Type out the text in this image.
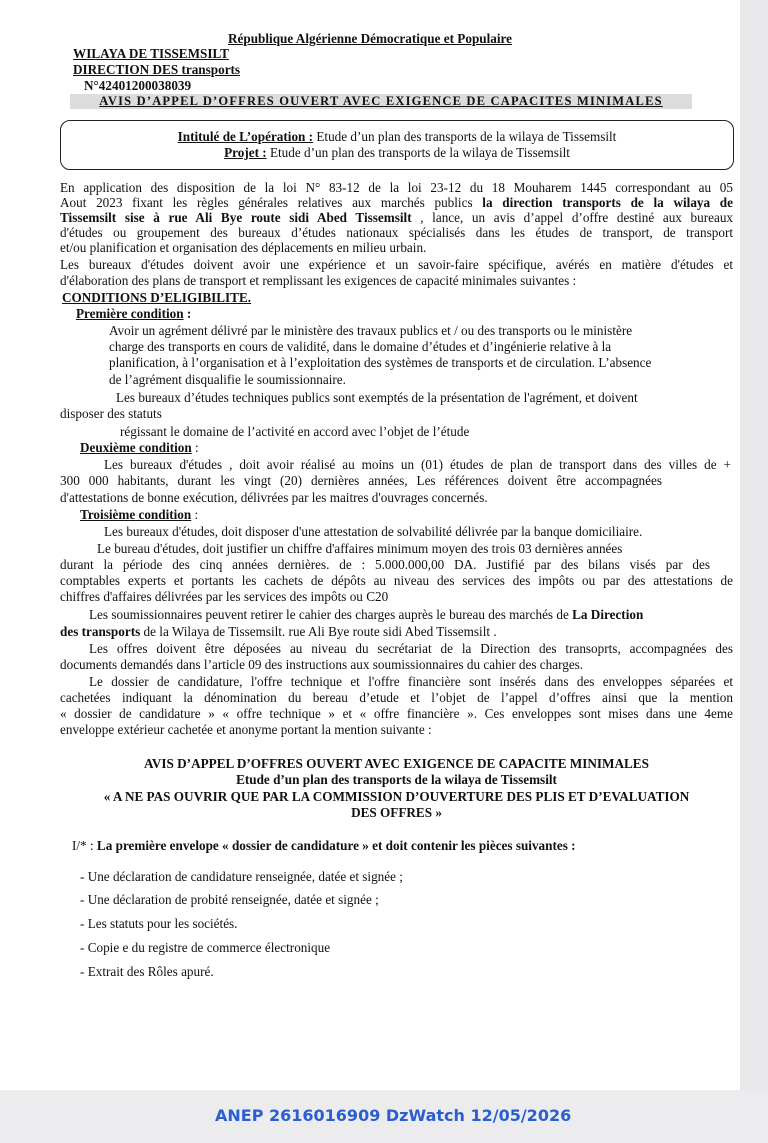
République Algérienne Démocratique et Populaire
WILAYA DE TISSEMSILT
DIRECTION DES transports
N°42401200038039
AVIS D’APPEL D’OFFRES OUVERT AVEC EXIGENCE DE CAPACITES MINIMALES
Intitulé de L’opération : Etude d’un plan des transports de la wilaya de Tissemsilt
Projet : Etude d’un plan des transports de la wilaya de Tissemsilt
En application des disposition de la loi N° 83-12 de la loi 23-12 du 18 Mouharem 1445 correspondant au 05
Aout 2023 fixant les règles générales relatives aux marchés publics la direction transports de la wilaya de
Tissemsilt sise à rue Ali Bye route sidi Abed Tissemsilt , lance, un avis d’appel d’offre destiné aux bureaux
d'études ou groupement des bureaux d’études nationaux spécialisés dans les études de transport, de transport
et/ou planification et organisation des déplacements en milieu urbain.
Les bureaux d'études doivent avoir une expérience et un savoir-faire spécifique, avérés en matière d'études et
d'élaboration des plans de transport et remplissant les exigences de capacité minimales suivantes :
CONDITIONS D’ELIGIBILITE.
Première condition :
Avoir un agrément délivré par le ministère des travaux publics et / ou des transports ou le ministère
charge des transports en cours de validité, dans le domaine d’études et d’ingénierie relative à la
planification, à l’organisation et à l’exploitation des systèmes de transports et de circulation. L’absence
de l’agrément disqualifie le soumissionnaire.
Les bureaux d’études techniques publics sont exemptés de la présentation de l'agrément, et doivent
disposer des statuts
régissant le domaine de l’activité en accord avec l’objet de l’étude
Deuxième condition :
Les bureaux d'études , doit avoir réalisé au moins un (01) études de plan de transport dans des villes de +
300 000 habitants, durant les vingt (20) dernières années, Les références doivent être accompagnées
d'attestations de bonne exécution, délivrées par les maitres d'ouvrages concernés.
Troisième condition :
Les bureaux d'études, doit disposer d'une attestation de solvabilité délivrée par la banque domiciliaire.
Le bureau d'études, doit justifier un chiffre d'affaires minimum moyen des trois 03 dernières années
durant la période des cinq années dernières. de : 5.000.000,00 DA. Justifié par des bilans visés par des
comptables experts et portants les cachets de dépôts au niveau des services des impôts ou par des attestations de
chiffres d'affaires délivrées par les services des impôts ou C20
Les soumissionnaires peuvent retirer le cahier des charges auprès le bureau des marchés de La Direction
des transports de la Wilaya de Tissemsilt. rue Ali Bye route sidi Abed Tissemsilt .
Les offres doivent être déposées au niveau du secrétariat de la Direction des transoprts, accompagnées des
documents demandés dans l’article 09 des instructions aux soumissionnaires du cahier des charges.
Le dossier de candidature, l'offre technique et l'offre financière sont insérés dans des enveloppes séparées et
cachetées indiquant la dénomination du bereau d’etude et l’objet de l’appel d’offres ainsi que la mention
« dossier de candidature » « offre technique » et « offre financière ». Ces enveloppes sont mises dans une 4eme
enveloppe extérieur cachetée et anonyme portant la mention suivante :
AVIS D’APPEL D’OFFRES OUVERT AVEC EXIGENCE DE CAPACITE MINIMALES
Etude d’un plan des transports de la wilaya de Tissemsilt
« A NE PAS OUVRIR QUE PAR LA COMMISSION D’OUVERTURE DES PLIS ET D’EVALUATION
DES OFFRES »
I/* : La première envelope « dossier de candidature » et doit contenir les pièces suivantes :
- Une déclaration de candidature renseignée, datée et signée ;
- Une déclaration de probité renseignée, datée et signée ;
- Les statuts pour les sociétés.
- Copie e du registre de commerce électronique
- Extrait des Rôles apuré.
ANEP 2616016909 DzWatch 12/05/2026
